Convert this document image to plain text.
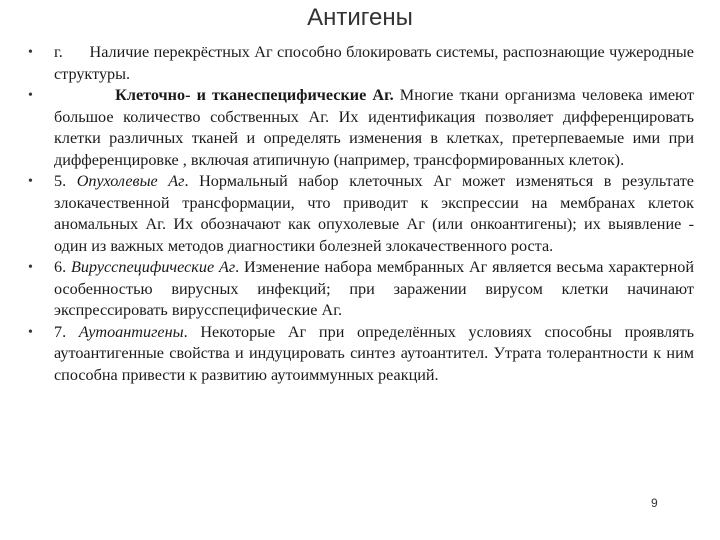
Антигены
• г. Наличие перекрёстных Аг способно блокировать системы, распознающие чужеродные структуры.
•	Клеточно- и тканеспецифические Аг. Многие ткани организма человека имеют большое количество собственных Аг. Их идентификация позволяет дифференцировать клетки различных тканей и определять изменения в клетках, претерпеваемые ими при дифференцировке , включая атипичную (например, трансформированных клеток).
• 5. Опухолевые Аг. Нормальный набор клеточных Аг может изменяться в результате злокачественной трансформации, что приводит к экспрессии на мембранах клеток аномальных Аг. Их обозначают как опухолевые Аг (или онкоантигены); их выявление - один из важных методов диагностики болезней злокачественного роста.
• 6. Вирусспецифические Аг. Изменение набора мембранных Аг является весьма характерной особенностью вирусных инфекций; при заражении вирусом клетки начинают экспрессировать вирусспецифические Аг.
• 7. Аутоантигены. Некоторые Аг при определённых условиях способны проявлять аутоантигенные свойства и индуцировать синтез аутоантител. Утрата толерантности к ним способна привести к развитию аутоиммунных реакций.
9
